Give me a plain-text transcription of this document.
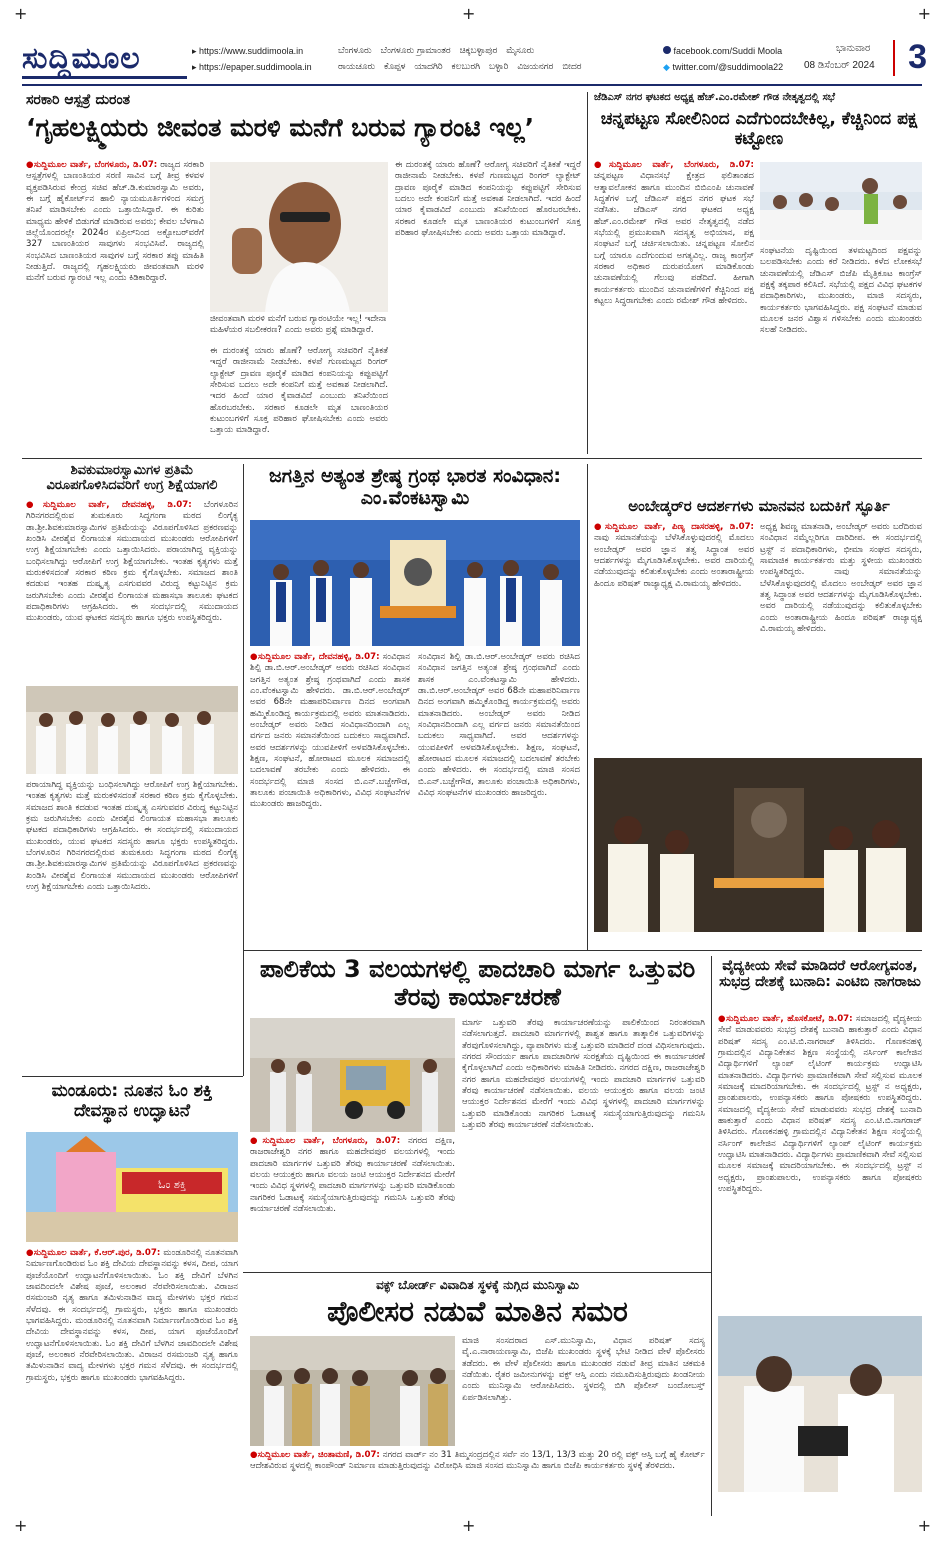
+	+	+
ಸುದ್ದಿಮೂಲ	▸ https://www.suddimoola.in
▸ https://epaper.suddimoola.in
ಬೆಂಗಳೂರು ಬೆಂಗಳೂರು ಗ್ರಾಮಾಂತರ ಚಿಕ್ಕಬಳ್ಳಾಪುರ ಮೈಸೂರು
ರಾಯಚೂರು ಕೊಪ್ಪಳ ಯಾದಗಿರಿ ಕಲಬುರಗಿ ಬಳ್ಳಾರಿ ವಿಜಯನಗರ ಬೀದರ
facebook.com/Suddi Moola
◆ twitter.com/@suddimoola22
ಭಾನುವಾರ
08 ಡಿಸೆಂಬರ್ 2024 3
ಸರಕಾರಿ ಆಸ್ಪತ್ರೆ ದುರಂತ
‘ಗೃಹಲಕ್ಷ್ಮಿಯರು ಜೀವಂತ ಮರಳಿ ಮನೆಗೆ ಬರುವ ಗ್ಯಾರಂಟಿ ಇಲ್ಲ’
●ಸುದ್ದಿಮೂಲ ವಾರ್ತೆ, ಬೆಂಗಳೂರು, ಡಿ.07: ರಾಜ್ಯದ ಸರಕಾರಿ ಆಸ್ಪತ್ರೆಗಳಲ್ಲಿ ಬಾಣಂತಿಯರ ಸರಣಿ ಸಾವಿನ ಬಗ್ಗೆ ತೀವ್ರ ಕಳವಳ ವ್ಯಕ್ತಪಡಿಸಿರುವ ಕೇಂದ್ರ ಸಚಿವ ಹೆಚ್.ಡಿ.ಕುಮಾರಸ್ವಾಮಿ ಅವರು, ಈ ಬಗ್ಗೆ ಹೈಕೋರ್ಟ್‌ನ ಹಾಲಿ ನ್ಯಾಯಮೂರ್ತಿಗಳಿಂದ ಸಮಗ್ರ ತನಿಖೆ ಮಾಡಿಸಬೇಕು ಎಂದು ಒತ್ತಾಯಿಸಿದ್ದಾರೆ. ಈ ಕುರಿತು ಮಾಧ್ಯಮ ಹೇಳಿಕೆ ಬಿಡುಗಡೆ ಮಾಡಿರುವ ಅವರು; ಕೇವಲ ಬೆಳಗಾವಿ ಜಿಲ್ಲೆಯೊಂದರಲ್ಲೇ 2024ರ ಏಪ್ರಿಲ್‌ನಿಂದ ಅಕ್ಟೋಬರ್‌ವರೆಗೆ 327 ಬಾಣಂತಿಯರ ಸಾವುಗಳು ಸಂಭವಿಸಿವೆ. ರಾಜ್ಯದಲ್ಲಿ ಸಂಭವಿಸಿದ ಬಾಣಂತಿಯರ ಸಾವುಗಳ ಬಗ್ಗೆ ಸರಕಾರ ತಪ್ಪು ಮಾಹಿತಿ ನೀಡುತ್ತಿದೆ. ರಾಜ್ಯದಲ್ಲಿ ಗೃಹಲಕ್ಷ್ಮಿಯರು ಜೀವಂತವಾಗಿ ಮರಳಿ ಮನೆಗೆ ಬರುವ ಗ್ಯಾರಂಟಿ ಇಲ್ಲ ಎಂದು ಕಿಡಿಕಾರಿದ್ದಾರೆ.
ಜೀವಂತವಾಗಿ ಮರಳಿ ಮನೆಗೆ ಬರುವ ಗ್ಯಾರಂಟಿಯೇ ಇಲ್ಲ! ಇದೇನಾ ಮಹಿಳೆಯರ ಸಬಲೀಕರಣ? ಎಂದು ಅವರು ಪ್ರಶ್ನೆ ಮಾಡಿದ್ದಾರೆ.
ಈ ದುರಂತಕ್ಕೆ ಯಾರು ಹೊಣೆ? ಆರೋಗ್ಯ ಸಚಿವರಿಗೆ ನೈತಿಕತೆ ಇದ್ದರೆ ರಾಜೀನಾಮೆ ನೀಡಬೇಕು. ಕಳಪೆ ಗುಣಮಟ್ಟದ ರಿಂಗರ್ ಲ್ಯಾಕ್ಟೇಟ್ ದ್ರಾವಣ ಪೂರೈಕೆ ಮಾಡಿದ ಕಂಪನಿಯನ್ನು ಕಪ್ಪುಪಟ್ಟಿಗೆ ಸೇರಿಸುವ ಬದಲು ಅದೇ ಕಂಪನಿಗೆ ಮತ್ತೆ ಅವಕಾಶ ನೀಡಲಾಗಿದೆ. ಇದರ ಹಿಂದೆ ಯಾರ ಕೈವಾಡವಿದೆ ಎಂಬುದು ತನಿಖೆಯಿಂದ ಹೊರಬರಬೇಕು. ಸರಕಾರ ಕೂಡಲೇ ಮೃತ ಬಾಣಂತಿಯರ ಕುಟುಂಬಗಳಿಗೆ ಸೂಕ್ತ ಪರಿಹಾರ ಘೋಷಿಸಬೇಕು ಎಂದು ಅವರು ಒತ್ತಾಯ ಮಾಡಿದ್ದಾರೆ.
ಈ ದುರಂತಕ್ಕೆ ಯಾರು ಹೊಣೆ? ಆರೋಗ್ಯ ಸಚಿವರಿಗೆ ನೈತಿಕತೆ ಇದ್ದರೆ ರಾಜೀನಾಮೆ ನೀಡಬೇಕು. ಕಳಪೆ ಗುಣಮಟ್ಟದ ರಿಂಗರ್ ಲ್ಯಾಕ್ಟೇಟ್ ದ್ರಾವಣ ಪೂರೈಕೆ ಮಾಡಿದ ಕಂಪನಿಯನ್ನು ಕಪ್ಪುಪಟ್ಟಿಗೆ ಸೇರಿಸುವ ಬದಲು ಅದೇ ಕಂಪನಿಗೆ ಮತ್ತೆ ಅವಕಾಶ ನೀಡಲಾಗಿದೆ. ಇದರ ಹಿಂದೆ ಯಾರ ಕೈವಾಡವಿದೆ ಎಂಬುದು ತನಿಖೆಯಿಂದ ಹೊರಬರಬೇಕು. ಸರಕಾರ ಕೂಡಲೇ ಮೃತ ಬಾಣಂತಿಯರ ಕುಟುಂಬಗಳಿಗೆ ಸೂಕ್ತ ಪರಿಹಾರ ಘೋಷಿಸಬೇಕು ಎಂದು ಅವರು ಒತ್ತಾಯ ಮಾಡಿದ್ದಾರೆ.
ಜೆಡಿಎಸ್ ನಗರ ಘಟಕದ ಅಧ್ಯಕ್ಷ ಹೆಚ್.ಎಂ.ರಮೇಶ್ ಗೌಡ ನೇತೃತ್ವದಲ್ಲಿ ಸಭೆ
ಚನ್ನಪಟ್ಟಣ ಸೋಲಿನಿಂದ ಎದೆಗುಂದಬೇಕಿಲ್ಲ, ಕೆಚ್ಚಿನಿಂದ ಪಕ್ಷ ಕಟ್ಟೋಣ
●ಸುದ್ದಿಮೂಲ ವಾರ್ತೆ, ಬೆಂಗಳೂರು, ಡಿ.07: ಚನ್ನಪಟ್ಟಣ ವಿಧಾನಸಭೆ ಕ್ಷೇತ್ರದ ಫಲಿತಾಂಶದ ಆತ್ಮಾವಲೋಕನ ಹಾಗೂ ಮುಂದಿನ ಬಿಬಿಎಂಪಿ ಚುನಾವಣೆ ಸಿದ್ಧತೆಗಳ ಬಗ್ಗೆ ಜೆಡಿಎಸ್ ಪಕ್ಷದ ನಗರ ಘಟಕ ಸಭೆ ನಡೆಸಿತು. ಜೆಡಿಎಸ್ ನಗರ ಘಟಕದ ಅಧ್ಯಕ್ಷ ಹೆಚ್.ಎಂ.ರಮೇಶ್ ಗೌಡ ಅವರ ನೇತೃತ್ವದಲ್ಲಿ ನಡೆದ ಸಭೆಯಲ್ಲಿ ಪ್ರಮುಖವಾಗಿ ಸದಸ್ಯತ್ವ ಅಭಿಯಾನ, ಪಕ್ಷ ಸಂಘಟನೆ ಬಗ್ಗೆ ಚರ್ಚಿಸಲಾಯಿತು. ಚನ್ನಪಟ್ಟಣ ಸೋಲಿನ ಬಗ್ಗೆ ಯಾರೂ ಎದೆಗುಂದುವ ಅಗತ್ಯವಿಲ್ಲ. ರಾಜ್ಯ ಕಾಂಗ್ರೆಸ್ ಸರಕಾರ ಅಧಿಕಾರ ದುರುಪಯೋಗ ಮಾಡಿಕೊಂಡು ಚುನಾವಣೆಯಲ್ಲಿ ಗೆಲುವು ಪಡೆದಿದೆ. ಹೀಗಾಗಿ ಕಾರ್ಯಕರ್ತರು ಮುಂದಿನ ಚುನಾವಣೆಗಳಿಗೆ ಕೆಚ್ಚಿನಿಂದ ಪಕ್ಷ ಕಟ್ಟಲು ಸಿದ್ಧರಾಗಬೇಕು ಎಂದು ರಮೇಶ್ ಗೌಡ ಹೇಳಿದರು.
ಸಂಘಟನೆಯ ದೃಷ್ಟಿಯಿಂದ ತಳಮಟ್ಟದಿಂದ ಪಕ್ಷವನ್ನು ಬಲಪಡಿಸಬೇಕು ಎಂದು ಕರೆ ನೀಡಿದರು. ಕಳೆದ ಲೋಕಸಭೆ ಚುನಾವಣೆಯಲ್ಲಿ ಜೆಡಿಎಸ್ ಬಿಜೆಪಿ ಮೈತ್ರಿಕೂಟ ಕಾಂಗ್ರೆಸ್ ಪಕ್ಷಕ್ಕೆ ತಕ್ಕಪಾಠ ಕಲಿಸಿದೆ. ಸಭೆಯಲ್ಲಿ ಪಕ್ಷದ ವಿವಿಧ ಘಟಕಗಳ ಪದಾಧಿಕಾರಿಗಳು, ಮುಖಂಡರು, ಮಾಜಿ ಸದಸ್ಯರು, ಕಾರ್ಯಕರ್ತರು ಭಾಗವಹಿಸಿದ್ದರು. ಪಕ್ಷ ಸಂಘಟನೆ ಮಾಡುವ ಮೂಲಕ ಜನರ ವಿಶ್ವಾಸ ಗಳಿಸಬೇಕು ಎಂದು ಮುಖಂಡರು ಸಲಹೆ ನೀಡಿದರು.
ಶಿವಕುಮಾರಸ್ವಾಮಿಗಳ ಪ್ರತಿಮೆ ವಿರೂಪಗೊಳಿಸಿದವರಿಗೆ ಉಗ್ರ ಶಿಕ್ಷೆಯಾಗಲಿ
●ಸುದ್ದಿಮೂಲ ವಾರ್ತೆ, ದೇವನಹಳ್ಳಿ, ಡಿ.07: ಬೆಂಗಳೂರಿನ ಗಿರಿನಗರದಲ್ಲಿರುವ ತುಮಕೂರು ಸಿದ್ಧಗಂಗಾ ಮಠದ ಲಿಂಗೈಕ್ಯ ಡಾ.ಶ್ರೀ.ಶಿವಕುಮಾರಸ್ವಾಮಿಗಳ ಪ್ರತಿಮೆಯನ್ನು ವಿರೂಪಗೊಳಿಸಿದ ಪ್ರಕರಣವನ್ನು ಖಂಡಿಸಿ ವೀರಶೈವ ಲಿಂಗಾಯತ ಸಮುದಾಯದ ಮುಖಂಡರು ಆರೋಪಿಗಳಿಗೆ ಉಗ್ರ ಶಿಕ್ಷೆಯಾಗಬೇಕು ಎಂದು ಒತ್ತಾಯಿಸಿದರು. ಪರಾಯಾಗಿದ್ದ ವ್ಯಕ್ತಿಯನ್ನು ಬಂಧಿಸಲಾಗಿದ್ದು ಆರೋಪಿಗೆ ಉಗ್ರ ಶಿಕ್ಷೆಯಾಗಬೇಕು. ಇಂತಹ ಕೃತ್ಯಗಳು ಮತ್ತೆ ಮರುಕಳಿಸದಂತೆ ಸರಕಾರ ಕಠಿಣ ಕ್ರಮ ಕೈಗೊಳ್ಳಬೇಕು. ಸಮಾಜದ ಶಾಂತಿ ಕದಡುವ ಇಂತಹ ದುಷ್ಕೃತ್ಯ ಎಸಗುವವರ ವಿರುದ್ಧ ಕಟ್ಟುನಿಟ್ಟಿನ ಕ್ರಮ ಜರುಗಿಸಬೇಕು ಎಂದು ವೀರಶೈವ ಲಿಂಗಾಯತ ಮಹಾಸಭಾ ತಾಲೂಕು ಘಟಕದ ಪದಾಧಿಕಾರಿಗಳು ಆಗ್ರಹಿಸಿದರು. ಈ ಸಂದರ್ಭದಲ್ಲಿ ಸಮುದಾಯದ ಮುಖಂಡರು, ಯುವ ಘಟಕದ ಸದಸ್ಯರು ಹಾಗೂ ಭಕ್ತರು ಉಪಸ್ಥಿತರಿದ್ದರು.
ಪರಾಯಾಗಿದ್ದ ವ್ಯಕ್ತಿಯನ್ನು ಬಂಧಿಸಲಾಗಿದ್ದು ಆರೋಪಿಗೆ ಉಗ್ರ ಶಿಕ್ಷೆಯಾಗಬೇಕು. ಇಂತಹ ಕೃತ್ಯಗಳು ಮತ್ತೆ ಮರುಕಳಿಸದಂತೆ ಸರಕಾರ ಕಠಿಣ ಕ್ರಮ ಕೈಗೊಳ್ಳಬೇಕು. ಸಮಾಜದ ಶಾಂತಿ ಕದಡುವ ಇಂತಹ ದುಷ್ಕೃತ್ಯ ಎಸಗುವವರ ವಿರುದ್ಧ ಕಟ್ಟುನಿಟ್ಟಿನ ಕ್ರಮ ಜರುಗಿಸಬೇಕು ಎಂದು ವೀರಶೈವ ಲಿಂಗಾಯತ ಮಹಾಸಭಾ ತಾಲೂಕು ಘಟಕದ ಪದಾಧಿಕಾರಿಗಳು ಆಗ್ರಹಿಸಿದರು. ಈ ಸಂದರ್ಭದಲ್ಲಿ ಸಮುದಾಯದ ಮುಖಂಡರು, ಯುವ ಘಟಕದ ಸದಸ್ಯರು ಹಾಗೂ ಭಕ್ತರು ಉಪಸ್ಥಿತರಿದ್ದರು. ಬೆಂಗಳೂರಿನ ಗಿರಿನಗರದಲ್ಲಿರುವ ತುಮಕೂರು ಸಿದ್ಧಗಂಗಾ ಮಠದ ಲಿಂಗೈಕ್ಯ ಡಾ.ಶ್ರೀ.ಶಿವಕುಮಾರಸ್ವಾಮಿಗಳ ಪ್ರತಿಮೆಯನ್ನು ವಿರೂಪಗೊಳಿಸಿದ ಪ್ರಕರಣವನ್ನು ಖಂಡಿಸಿ ವೀರಶೈವ ಲಿಂಗಾಯತ ಸಮುದಾಯದ ಮುಖಂಡರು ಆರೋಪಿಗಳಿಗೆ ಉಗ್ರ ಶಿಕ್ಷೆಯಾಗಬೇಕು ಎಂದು ಒತ್ತಾಯಿಸಿದರು.
ಜಗತ್ತಿನ ಅತ್ಯಂತ ಶ್ರೇಷ್ಠ ಗ್ರಂಥ ಭಾರತ ಸಂವಿಧಾನ: ಎಂ.ವೆಂಕಟಸ್ವಾಮಿ
●ಸುದ್ದಿಮೂಲ ವಾರ್ತೆ, ದೇವನಹಳ್ಳಿ, ಡಿ.07: ಸಂವಿಧಾನ ಶಿಲ್ಪಿ ಡಾ.ಬಿ.ಆರ್.ಅಂಬೇಡ್ಕರ್ ಅವರು ರಚಿಸಿದ ಸಂವಿಧಾನ ಜಗತ್ತಿನ ಅತ್ಯಂತ ಶ್ರೇಷ್ಠ ಗ್ರಂಥವಾಗಿದೆ ಎಂದು ಶಾಸಕ ಎಂ.ವೆಂಕಟಸ್ವಾಮಿ ಹೇಳಿದರು. ಡಾ.ಬಿ.ಆರ್.ಅಂಬೇಡ್ಕರ್ ಅವರ 68ನೇ ಮಹಾಪರಿನಿರ್ವಾಣ ದಿನದ ಅಂಗವಾಗಿ ಹಮ್ಮಿಕೊಂಡಿದ್ದ ಕಾರ್ಯಕ್ರಮದಲ್ಲಿ ಅವರು ಮಾತನಾಡಿದರು. ಅಂಬೇಡ್ಕರ್ ಅವರು ನೀಡಿದ ಸಂವಿಧಾನದಿಂದಾಗಿ ಎಲ್ಲ ವರ್ಗದ ಜನರು ಸಮಾನತೆಯಿಂದ ಬದುಕಲು ಸಾಧ್ಯವಾಗಿದೆ. ಅವರ ಆದರ್ಶಗಳನ್ನು ಯುವಪೀಳಿಗೆ ಅಳವಡಿಸಿಕೊಳ್ಳಬೇಕು. ಶಿಕ್ಷಣ, ಸಂಘಟನೆ, ಹೋರಾಟದ ಮೂಲಕ ಸಮಾಜದಲ್ಲಿ ಬದಲಾವಣೆ ತರಬೇಕು ಎಂದು ಹೇಳಿದರು. ಈ ಸಂದರ್ಭದಲ್ಲಿ ಮಾಜಿ ಸಂಸದ ಬಿ.ಎನ್.ಬಚ್ಚೇಗೌಡ, ತಾಲೂಕು ಪಂಚಾಯಿತಿ ಅಧಿಕಾರಿಗಳು, ವಿವಿಧ ಸಂಘಟನೆಗಳ ಮುಖಂಡರು ಹಾಜರಿದ್ದರು.
ಸಂವಿಧಾನ ಶಿಲ್ಪಿ ಡಾ.ಬಿ.ಆರ್.ಅಂಬೇಡ್ಕರ್ ಅವರು ರಚಿಸಿದ ಸಂವಿಧಾನ ಜಗತ್ತಿನ ಅತ್ಯಂತ ಶ್ರೇಷ್ಠ ಗ್ರಂಥವಾಗಿದೆ ಎಂದು ಶಾಸಕ ಎಂ.ವೆಂಕಟಸ್ವಾಮಿ ಹೇಳಿದರು. ಡಾ.ಬಿ.ಆರ್.ಅಂಬೇಡ್ಕರ್ ಅವರ 68ನೇ ಮಹಾಪರಿನಿರ್ವಾಣ ದಿನದ ಅಂಗವಾಗಿ ಹಮ್ಮಿಕೊಂಡಿದ್ದ ಕಾರ್ಯಕ್ರಮದಲ್ಲಿ ಅವರು ಮಾತನಾಡಿದರು. ಅಂಬೇಡ್ಕರ್ ಅವರು ನೀಡಿದ ಸಂವಿಧಾನದಿಂದಾಗಿ ಎಲ್ಲ ವರ್ಗದ ಜನರು ಸಮಾನತೆಯಿಂದ ಬದುಕಲು ಸಾಧ್ಯವಾಗಿದೆ. ಅವರ ಆದರ್ಶಗಳನ್ನು ಯುವಪೀಳಿಗೆ ಅಳವಡಿಸಿಕೊಳ್ಳಬೇಕು. ಶಿಕ್ಷಣ, ಸಂಘಟನೆ, ಹೋರಾಟದ ಮೂಲಕ ಸಮಾಜದಲ್ಲಿ ಬದಲಾವಣೆ ತರಬೇಕು ಎಂದು ಹೇಳಿದರು. ಈ ಸಂದರ್ಭದಲ್ಲಿ ಮಾಜಿ ಸಂಸದ ಬಿ.ಎನ್.ಬಚ್ಚೇಗೌಡ, ತಾಲೂಕು ಪಂಚಾಯಿತಿ ಅಧಿಕಾರಿಗಳು, ವಿವಿಧ ಸಂಘಟನೆಗಳ ಮುಖಂಡರು ಹಾಜರಿದ್ದರು.
ಅಂಬೇಡ್ಕರ್‌ರ ಆದರ್ಶಗಳು ಮಾನವನ ಬದುಕಿಗೆ ಸ್ಫೂರ್ತಿ
●ಸುದ್ದಿಮೂಲ ವಾರ್ತೆ, ಪಿಣ್ಯ ದಾಸರಹಳ್ಳಿ, ಡಿ.07: ನಾವು ಸಮಾನತೆಯನ್ನು ಬೆಳೆಸಿಕೊಳ್ಳುವುದರಲ್ಲಿ ಮೊದಲು ಅಂಬೇಡ್ಕರ್ ಅವರ ಜ್ಞಾನ ತತ್ವ ಸಿದ್ಧಾಂತ ಅವರ ಆದರ್ಶಗಳನ್ನು ಮೈಗೂಡಿಸಿಕೊಳ್ಳಬೇಕು. ಅವರ ದಾರಿಯಲ್ಲಿ ನಡೆಯುವುದನ್ನು ಕಲಿತುಕೊಳ್ಳಬೇಕು ಎಂದು ಅಂತಾರಾಷ್ಟ್ರೀಯ ಹಿಂದೂ ಪರಿಷತ್ ರಾಜ್ಯಾಧ್ಯಕ್ಷ ವಿ.ರಾಮಯ್ಯ ಹೇಳಿದರು.
ಅಧ್ಯಕ್ಷ ಶಿವಣ್ಣ ಮಾತನಾಡಿ, ಅಂಬೇಡ್ಕರ್ ಅವರು ಬರೆದಿರುವ ಸಂವಿಧಾನ ನಮ್ಮೆಲ್ಲರಿಗೂ ದಾರಿದೀಪ. ಈ ಸಂದರ್ಭದಲ್ಲಿ ಟ್ರಸ್ಟ್ ನ ಪದಾಧಿಕಾರಿಗಳು, ಭೀಮಾ ಸಂಘದ ಸದಸ್ಯರು, ಸಾಮಾಜಿಕ ಕಾರ್ಯಕರ್ತರು ಮತ್ತು ಸ್ಥಳೀಯ ಮುಖಂಡರು ಉಪಸ್ಥಿತರಿದ್ದರು.	ನಾವು ಸಮಾನತೆಯನ್ನು ಬೆಳೆಸಿಕೊಳ್ಳುವುದರಲ್ಲಿ ಮೊದಲು ಅಂಬೇಡ್ಕರ್ ಅವರ ಜ್ಞಾನ ತತ್ವ ಸಿದ್ಧಾಂತ ಅವರ ಆದರ್ಶಗಳನ್ನು ಮೈಗೂಡಿಸಿಕೊಳ್ಳಬೇಕು. ಅವರ ದಾರಿಯಲ್ಲಿ ನಡೆಯುವುದನ್ನು ಕಲಿತುಕೊಳ್ಳಬೇಕು ಎಂದು ಅಂತಾರಾಷ್ಟ್ರೀಯ ಹಿಂದೂ ಪರಿಷತ್ ರಾಜ್ಯಾಧ್ಯಕ್ಷ ವಿ.ರಾಮಯ್ಯ ಹೇಳಿದರು.
ಪಾಲಿಕೆಯ 3 ವಲಯಗಳಲ್ಲಿ ಪಾದಚಾರಿ ಮಾರ್ಗ ಒತ್ತುವರಿ ತೆರವು ಕಾರ್ಯಾಚರಣೆ
●ಸುದ್ದಿಮೂಲ ವಾರ್ತೆ, ಬೆಂಗಳೂರು, ಡಿ.07: ನಗರದ ದಕ್ಷಿಣ, ರಾಜರಾಜೇಶ್ವರಿ ನಗರ ಹಾಗೂ ಮಹದೇವಪುರ ವಲಯಗಳಲ್ಲಿ ಇಂದು ಪಾದಚಾರಿ ಮಾರ್ಗಗಳ ಒತ್ತುವರಿ ತೆರವು ಕಾರ್ಯಾಚರಣೆ ನಡೆಸಲಾಯಿತು. ವಲಯ ಆಯುಕ್ತರು ಹಾಗೂ ವಲಯ ಜಂಟಿ ಆಯುಕ್ತರ ನಿರ್ದೇಶನದ ಮೇರೆಗೆ ಇಂದು ವಿವಿಧ ಸ್ಥಳಗಳಲ್ಲಿ ಪಾದಚಾರಿ ಮಾರ್ಗಗಳನ್ನು ಒತ್ತುವರಿ ಮಾಡಿಕೊಂಡು ನಾಗರಿಕರ ಓಡಾಟಕ್ಕೆ ಸಮಸ್ಯೆಯಾಗುತ್ತಿರುವುದನ್ನು ಗಮನಿಸಿ ಒತ್ತುವರಿ ತೆರವು ಕಾರ್ಯಾಚರಣೆ ನಡೆಸಲಾಯಿತು.
ಮಾರ್ಗ ಒತ್ತುವರಿ ತೆರವು ಕಾರ್ಯಾಚರಣೆಯನ್ನು ಪಾಲಿಕೆಯಿಂದ ನಿರಂತರವಾಗಿ ನಡೆಸಲಾಗುತ್ತದೆ. ಪಾದಚಾರಿ ಮಾರ್ಗಗಳಲ್ಲಿ ಶಾಶ್ವತ ಹಾಗೂ ತಾತ್ಕಾಲಿಕ ಒತ್ತುವರಿಗಳನ್ನು ತೆರವುಗೊಳಿಸಲಾಗಿದ್ದು, ವ್ಯಾಪಾರಿಗಳು ಮತ್ತೆ ಒತ್ತುವರಿ ಮಾಡಿದರೆ ದಂಡ ವಿಧಿಸಲಾಗುವುದು. ನಗರದ ಸೌಂದರ್ಯ ಹಾಗೂ ಪಾದಚಾರಿಗಳ ಸುರಕ್ಷತೆಯ ದೃಷ್ಟಿಯಿಂದ ಈ ಕಾರ್ಯಾಚರಣೆ ಕೈಗೊಳ್ಳಲಾಗಿದೆ ಎಂದು ಅಧಿಕಾರಿಗಳು ಮಾಹಿತಿ ನೀಡಿದರು. ನಗರದ ದಕ್ಷಿಣ, ರಾಜರಾಜೇಶ್ವರಿ ನಗರ ಹಾಗೂ ಮಹದೇವಪುರ ವಲಯಗಳಲ್ಲಿ ಇಂದು ಪಾದಚಾರಿ ಮಾರ್ಗಗಳ ಒತ್ತುವರಿ ತೆರವು ಕಾರ್ಯಾಚರಣೆ ನಡೆಸಲಾಯಿತು. ವಲಯ ಆಯುಕ್ತರು ಹಾಗೂ ವಲಯ ಜಂಟಿ ಆಯುಕ್ತರ ನಿರ್ದೇಶನದ ಮೇರೆಗೆ ಇಂದು ವಿವಿಧ ಸ್ಥಳಗಳಲ್ಲಿ ಪಾದಚಾರಿ ಮಾರ್ಗಗಳನ್ನು ಒತ್ತುವರಿ ಮಾಡಿಕೊಂಡು ನಾಗರಿಕರ ಓಡಾಟಕ್ಕೆ ಸಮಸ್ಯೆಯಾಗುತ್ತಿರುವುದನ್ನು ಗಮನಿಸಿ ಒತ್ತುವರಿ ತೆರವು ಕಾರ್ಯಾಚರಣೆ ನಡೆಸಲಾಯಿತು.
ವೈದ್ಯಕೀಯ ಸೇವೆ ಮಾಡಿದರೆ ಆರೋಗ್ಯವಂತ, ಸುಭದ್ರ ದೇಶಕ್ಕೆ ಬುನಾದಿ: ಎಂಟಿಬಿ ನಾಗರಾಜು
●ಸುದ್ದಿಮೂಲ ವಾರ್ತೆ, ಹೊಸಕೋಟೆ, ಡಿ.07: ಸಮಾಜದಲ್ಲಿ ವೈದ್ಯಕೀಯ ಸೇವೆ ಮಾಡುವವರು ಸುಭದ್ರ ದೇಶಕ್ಕೆ ಬುನಾದಿ ಹಾಕುತ್ತಾರೆ ಎಂದು ವಿಧಾನ ಪರಿಷತ್ ಸದಸ್ಯ ಎಂ.ಟಿ.ಬಿ.ನಾಗರಾಜ್ ತಿಳಿಸಿದರು. ಗೊಣಕನಹಳ್ಳಿ ಗ್ರಾಮದಲ್ಲಿನ ವಿದ್ಯಾನಿಕೇತನ ಶಿಕ್ಷಣ ಸಂಸ್ಥೆಯಲ್ಲಿ ನರ್ಸಿಂಗ್ ಕಾಲೇಜಿನ ವಿದ್ಯಾರ್ಥಿಗಳಿಗೆ ಲ್ಯಾಂಪ್ ಲೈಟಿಂಗ್ ಕಾರ್ಯಕ್ರಮ ಉದ್ಘಾಟಿಸಿ ಮಾತನಾಡಿದರು. ವಿದ್ಯಾರ್ಥಿಗಳು ಪ್ರಾಮಾಣಿಕವಾಗಿ ಸೇವೆ ಸಲ್ಲಿಸುವ ಮೂಲಕ ಸಮಾಜಕ್ಕೆ ಮಾದರಿಯಾಗಬೇಕು. ಈ ಸಂದರ್ಭದಲ್ಲಿ ಟ್ರಸ್ಟ್ ನ ಅಧ್ಯಕ್ಷರು, ಪ್ರಾಂಶುಪಾಲರು, ಉಪನ್ಯಾಸಕರು ಹಾಗೂ ಪೋಷಕರು ಉಪಸ್ಥಿತರಿದ್ದರು. ಸಮಾಜದಲ್ಲಿ ವೈದ್ಯಕೀಯ ಸೇವೆ ಮಾಡುವವರು ಸುಭದ್ರ ದೇಶಕ್ಕೆ ಬುನಾದಿ ಹಾಕುತ್ತಾರೆ ಎಂದು ವಿಧಾನ ಪರಿಷತ್ ಸದಸ್ಯ ಎಂ.ಟಿ.ಬಿ.ನಾಗರಾಜ್ ತಿಳಿಸಿದರು. ಗೊಣಕನಹಳ್ಳಿ ಗ್ರಾಮದಲ್ಲಿನ ವಿದ್ಯಾನಿಕೇತನ ಶಿಕ್ಷಣ ಸಂಸ್ಥೆಯಲ್ಲಿ ನರ್ಸಿಂಗ್ ಕಾಲೇಜಿನ ವಿದ್ಯಾರ್ಥಿಗಳಿಗೆ ಲ್ಯಾಂಪ್ ಲೈಟಿಂಗ್ ಕಾರ್ಯಕ್ರಮ ಉದ್ಘಾಟಿಸಿ ಮಾತನಾಡಿದರು. ವಿದ್ಯಾರ್ಥಿಗಳು ಪ್ರಾಮಾಣಿಕವಾಗಿ ಸೇವೆ ಸಲ್ಲಿಸುವ ಮೂಲಕ ಸಮಾಜಕ್ಕೆ ಮಾದರಿಯಾಗಬೇಕು. ಈ ಸಂದರ್ಭದಲ್ಲಿ ಟ್ರಸ್ಟ್ ನ ಅಧ್ಯಕ್ಷರು, ಪ್ರಾಂಶುಪಾಲರು, ಉಪನ್ಯಾಸಕರು ಹಾಗೂ ಪೋಷಕರು ಉಪಸ್ಥಿತರಿದ್ದರು.
ಮಂಡೂರು: ನೂತನ ಓಂ ಶಕ್ತಿ ದೇವಸ್ಥಾನ ಉದ್ಘಾಟನೆ
ಓಂ ಶಕ್ತಿ
●ಸುದ್ದಿಮೂಲ ವಾರ್ತೆ, ಕೆ.ಆರ್.ಪುರ, ಡಿ.07: ಮಂಡೂರಿನಲ್ಲಿ ನೂತನವಾಗಿ ನಿರ್ಮಾಣಗೊಂಡಿರುವ ಓಂ ಶಕ್ತಿ ದೇವಿಯ ದೇವಸ್ಥಾನವನ್ನು ಕಳಸ, ದೀಪ, ಯಾಗ ಪೂಜೆಯೊಂದಿಗೆ ಉದ್ಘಾಟನೆಗೊಳಿಸಲಾಯಿತು. ಓಂ ಶಕ್ತಿ ದೇವಿಗೆ ಬೆಳಗಿನ ಜಾವದಿಂದಲೇ ವಿಶೇಷ ಪೂಜೆ, ಅಲಂಕಾರ ನೆರವೇರಿಸಲಾಯಿತು. ವಿರಾಜನ ರಸಮಂಜರಿ ನೃತ್ಯ ಹಾಗೂ ತಮಿಳುನಾಡಿನ ವಾದ್ಯ ಮೇಳಗಳು ಭಕ್ತರ ಗಮನ ಸೆಳೆದವು. ಈ ಸಂದರ್ಭದಲ್ಲಿ ಗ್ರಾಮಸ್ಥರು, ಭಕ್ತರು ಹಾಗೂ ಮುಖಂಡರು ಭಾಗವಹಿಸಿದ್ದರು. ಮಂಡೂರಿನಲ್ಲಿ ನೂತನವಾಗಿ ನಿರ್ಮಾಣಗೊಂಡಿರುವ ಓಂ ಶಕ್ತಿ ದೇವಿಯ ದೇವಸ್ಥಾನವನ್ನು ಕಳಸ, ದೀಪ, ಯಾಗ ಪೂಜೆಯೊಂದಿಗೆ ಉದ್ಘಾಟನೆಗೊಳಿಸಲಾಯಿತು. ಓಂ ಶಕ್ತಿ ದೇವಿಗೆ ಬೆಳಗಿನ ಜಾವದಿಂದಲೇ ವಿಶೇಷ ಪೂಜೆ, ಅಲಂಕಾರ ನೆರವೇರಿಸಲಾಯಿತು. ವಿರಾಜನ ರಸಮಂಜರಿ ನೃತ್ಯ ಹಾಗೂ ತಮಿಳುನಾಡಿನ ವಾದ್ಯ ಮೇಳಗಳು ಭಕ್ತರ ಗಮನ ಸೆಳೆದವು. ಈ ಸಂದರ್ಭದಲ್ಲಿ ಗ್ರಾಮಸ್ಥರು, ಭಕ್ತರು ಹಾಗೂ ಮುಖಂಡರು ಭಾಗವಹಿಸಿದ್ದರು.
ವಕ್ಫ್ ಬೋರ್ಡ್ ವಿವಾದಿತ ಸ್ಥಳಕ್ಕೆ ನುಗ್ಗಿದ ಮುನಿಸ್ವಾಮಿ
ಪೊಲೀಸರ ನಡುವೆ ಮಾತಿನ ಸಮರ
●ಸುದ್ದಿಮೂಲ ವಾರ್ತೆ, ಚಿಂತಾಮಣಿ, ಡಿ.07: ನಗರದ ವಾರ್ಡ್ ನಂ 31 ತಿಮ್ಮಸಂದ್ರದಲ್ಲಿನ ಸರ್ವೆ ನಂ 13/1, 13/3 ಮತ್ತು 20 ರಲ್ಲಿ ವಕ್ಫ್ ಆಸ್ತಿ ಬಗ್ಗೆ ಹೈ ಕೋರ್ಟ್ ಆದೇಶವಿರುವ ಸ್ಥಳದಲ್ಲಿ ಕಾಂಪೌಂಡ್ ನಿರ್ಮಾಣ ಮಾಡುತ್ತಿರುವುದನ್ನು ವಿರೋಧಿಸಿ ಮಾಜಿ ಸಂಸದ ಮುನಿಸ್ವಾಮಿ ಹಾಗೂ ಬಿಜೆಪಿ ಕಾರ್ಯಕರ್ತರು ಸ್ಥಳಕ್ಕೆ ತೆರಳಿದರು.
ಮಾಜಿ ಸಂಸದರಾದ ಎಸ್.ಮುನಿಸ್ವಾಮಿ, ವಿಧಾನ ಪರಿಷತ್ ಸದಸ್ಯ ವೈ.ಎ.ನಾರಾಯಣಸ್ವಾಮಿ, ಬಿಜೆಪಿ ಮುಖಂಡರು ಸ್ಥಳಕ್ಕೆ ಭೇಟಿ ನೀಡಿದ ವೇಳೆ ಪೊಲೀಸರು ತಡೆದರು. ಈ ವೇಳೆ ಪೊಲೀಸರು ಹಾಗೂ ಮುಖಂಡರ ನಡುವೆ ತೀವ್ರ ಮಾತಿನ ಚಕಮಕಿ ನಡೆಯಿತು. ರೈತರ ಜಮೀನುಗಳನ್ನು ವಕ್ಫ್ ಆಸ್ತಿ ಎಂದು ನಮೂದಿಸುತ್ತಿರುವುದು ಖಂಡನೀಯ ಎಂದು ಮುನಿಸ್ವಾಮಿ ಆರೋಪಿಸಿದರು. ಸ್ಥಳದಲ್ಲಿ ಬಿಗಿ ಪೊಲೀಸ್ ಬಂದೋಬಸ್ತ್ ಏರ್ಪಡಿಸಲಾಗಿತ್ತು.
+	+	+
